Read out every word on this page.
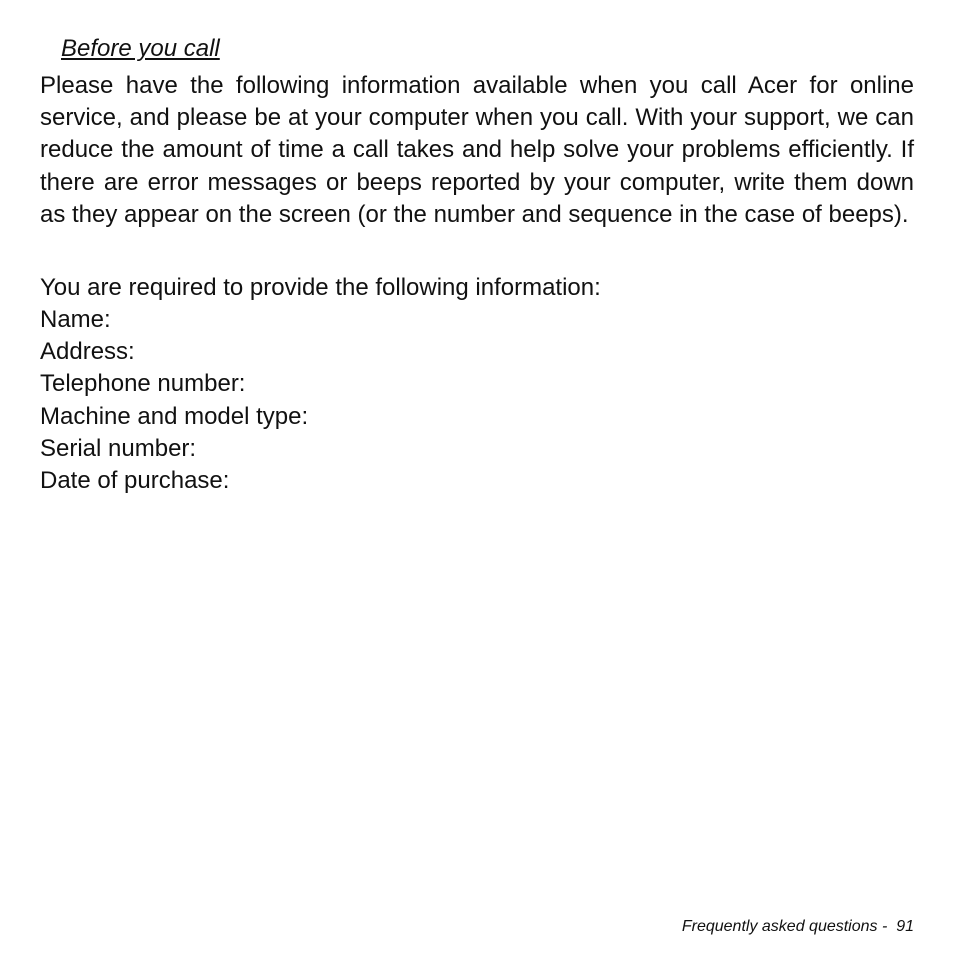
Before you call

Please have the following information available when you call Acer for online service, and please be at your computer when you call. With your support, we can reduce the amount of time a call takes and help solve your problems efficiently. If there are error messages or beeps reported by your computer, write them down as they appear on the screen (or the number and sequence in the case of beeps).

You are required to provide the following information:

Name:
Address:
Telephone number:
Machine and model type:
Serial number:
Date of purchase:

Frequently asked questions - 91
